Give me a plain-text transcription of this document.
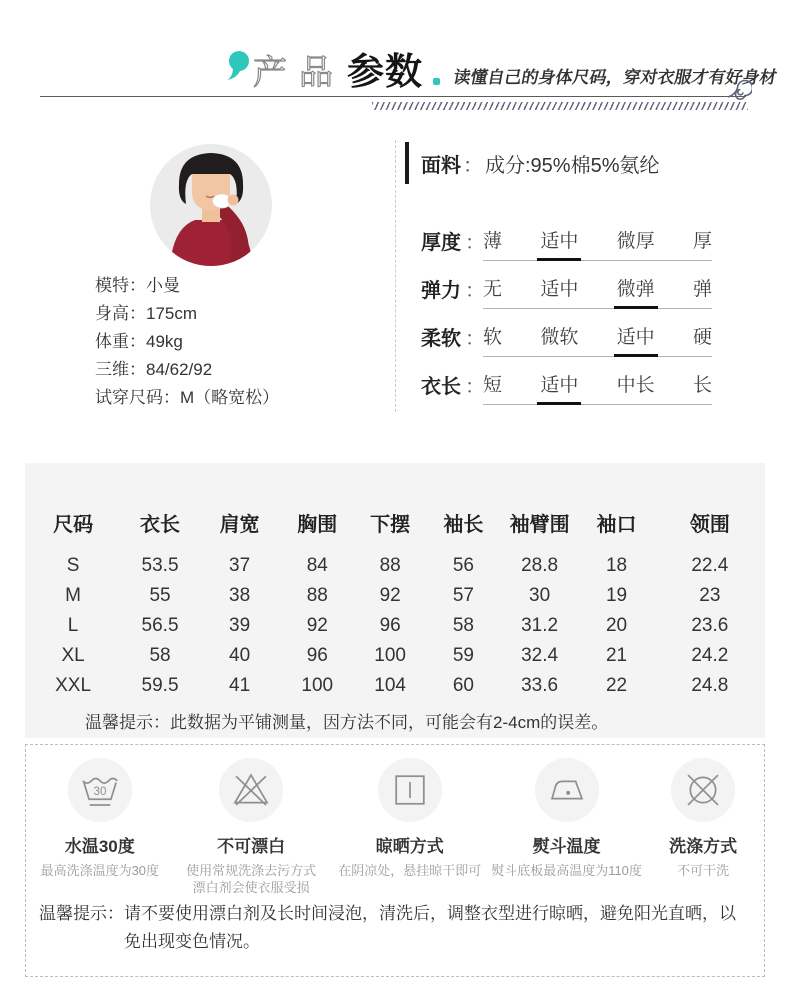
产品 参数 读懂自己的身体尺码，穿对衣服才有好身材
模特：小曼
身高：175cm
体重：49kg
三维：84/62/92
试穿尺码：M（略宽松）
面料 ： 成分:95%棉5%氨纶
厚度 ：
薄 适中 微厚 厚
弹力 ：
无 适中 微弹 弹
柔软 ：
软 微软 适中 硬
衣长 ：
短 适中 中长 长
尺码	衣长	肩宽	胸围	下摆	袖长	袖臂围	袖口	领围
S	53.5	37	84	88	56	28.8	18	22.4
M	55	38	88	92	57	30	19	23
L	56.5	39	92	96	58	31.2	20	23.6
XL	58	40	96	100	59	32.4	21	24.2
XXL	59.5	41	100	104	60	33.6	22	24.8
温馨提示：此数据为平铺测量，因方法不同，可能会有2-4cm的误差。
30
水温30度
最高洗涤温度为30度
不可漂白
使用常规洗涤去污方式
漂白剂会使衣服受损
晾晒方式
在阴凉处，悬挂晾干即可
熨斗温度
熨斗底板最高温度为110度
洗涤方式
不可干洗
温馨提示： 请不要使用漂白剂及长时间浸泡，清洗后，调整衣型进行晾晒，避免阳光直晒，以免出现变色情况。
